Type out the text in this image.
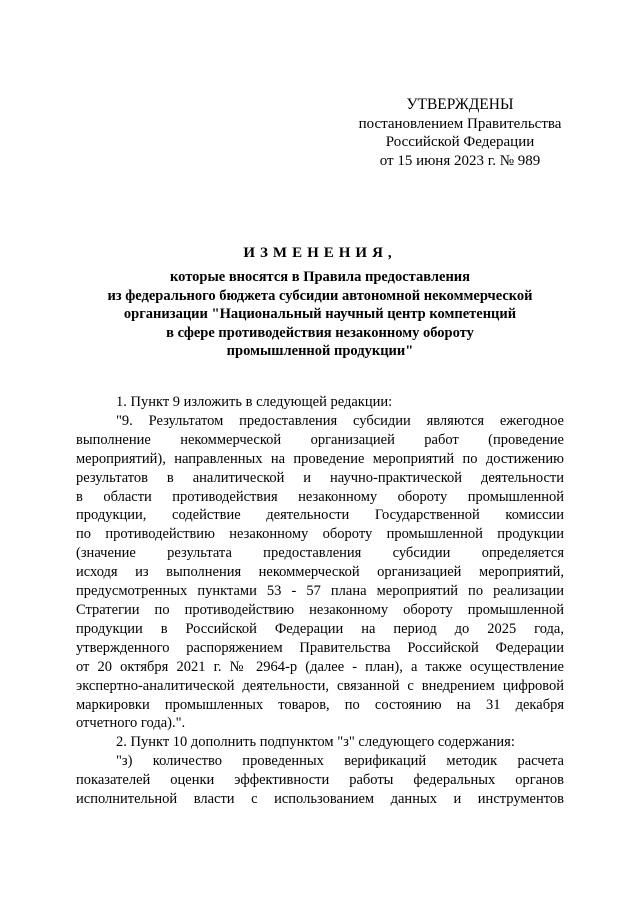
УТВЕРЖДЕНЫ
постановлением Правительства
Российской Федерации
от 15 июня 2023 г. № 989
ИЗМЕНЕНИЯ,
которые вносятся в Правила предоставления
из федерального бюджета субсидии автономной некоммерческой
организации "Национальный научный центр компетенций
в сфере противодействия незаконному обороту
промышленной продукции"
1. Пункт 9 изложить в следующей редакции:
"9. Результатом предоставления субсидии являются ежегодное
выполнение некоммерческой организацией работ (проведение
мероприятий), направленных на проведение мероприятий по достижению
результатов в аналитической и научно-практической деятельности
в области противодействия незаконному обороту промышленной
продукции, содействие деятельности Государственной комиссии
по противодействию незаконному обороту промышленной продукции
(значение результата предоставления субсидии определяется
исходя из выполнения некоммерческой организацией мероприятий,
предусмотренных пунктами 53 - 57 плана мероприятий по реализации
Стратегии по противодействию незаконному обороту промышленной
продукции в Российской Федерации на период до 2025 года,
утвержденного распоряжением Правительства Российской Федерации
от 20 октября 2021 г. № 2964-р (далее - план), а также осуществление
экспертно-аналитической деятельности, связанной с внедрением цифровой
маркировки промышленных товаров, по состоянию на 31 декабря
отчетного года).".
2. Пункт 10 дополнить подпунктом "з" следующего содержания:
"з) количество проведенных верификаций методик расчета
показателей оценки эффективности работы федеральных органов
исполнительной власти с использованием данных и инструментов
